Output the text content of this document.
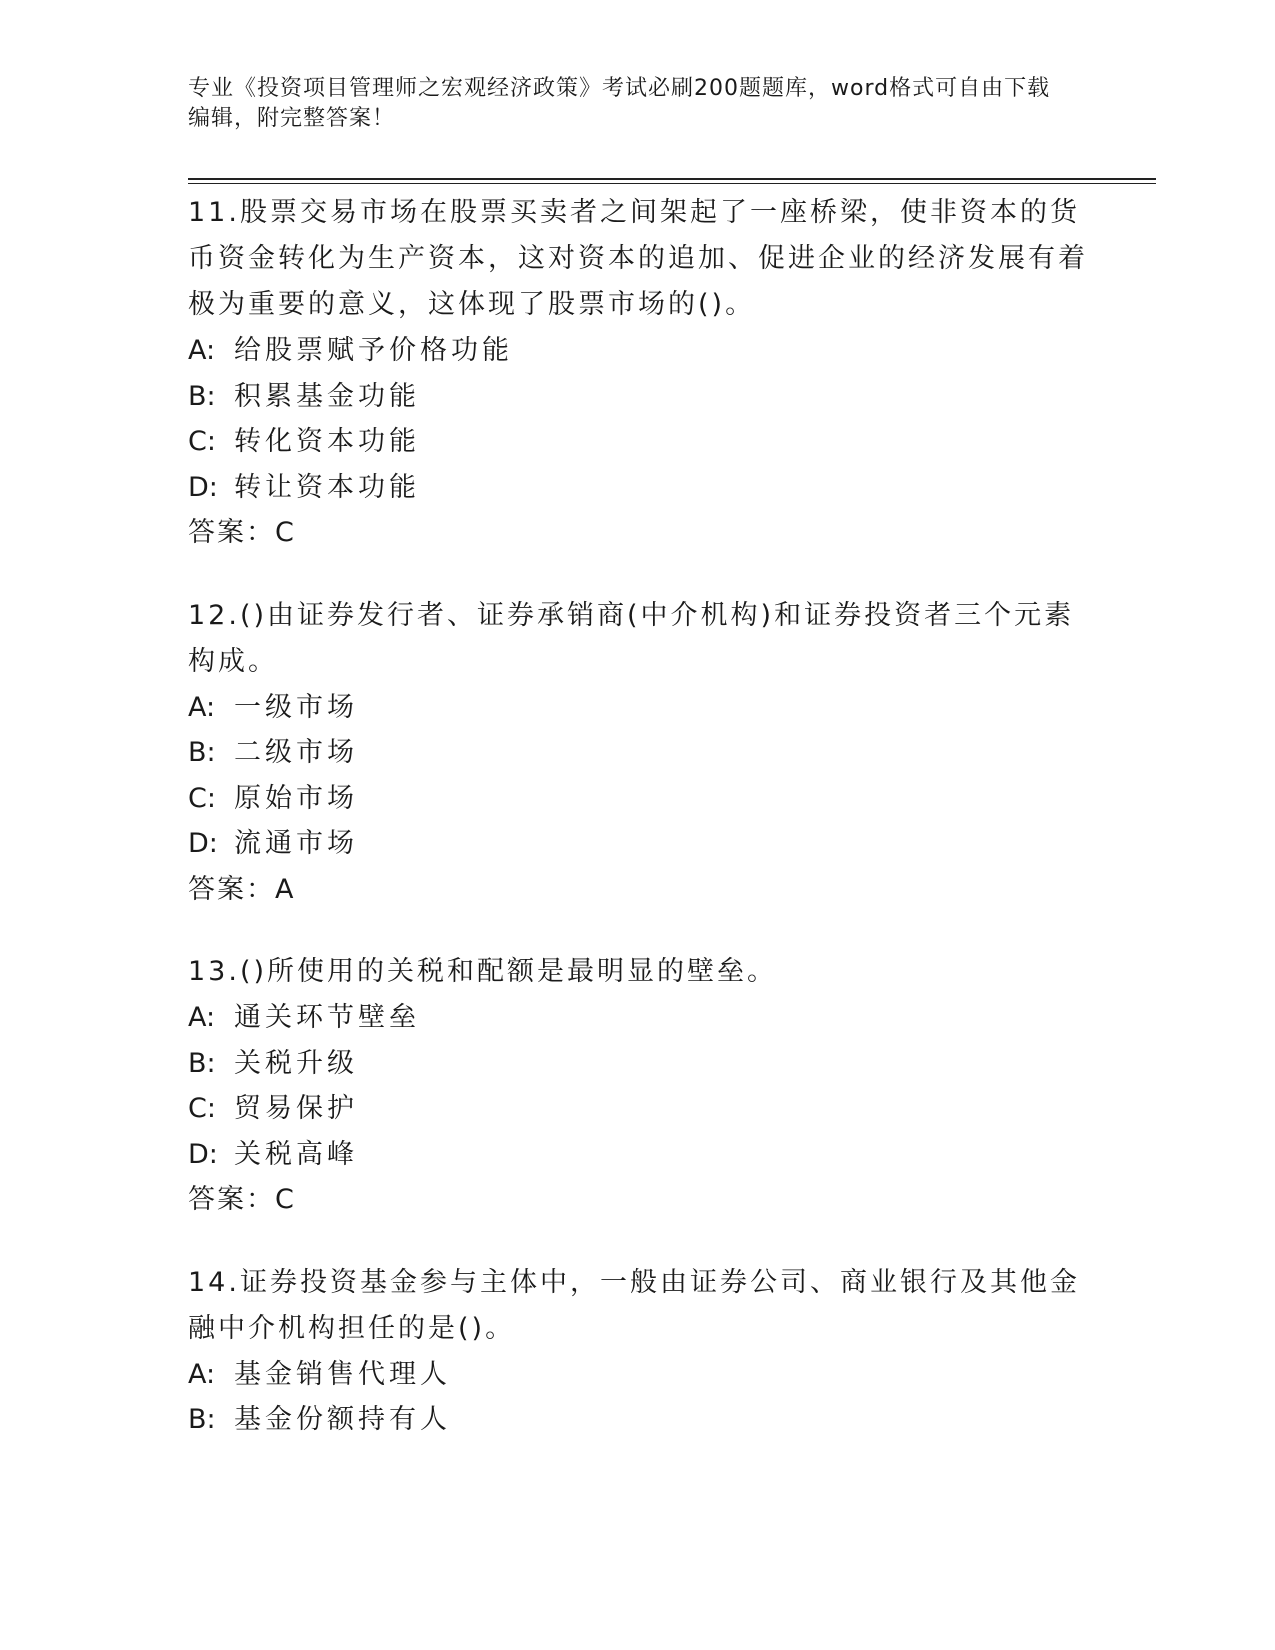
专业《投资项目管理师之宏观经济政策》考试必刷200题题库，word格式可自由下载编辑，附完整答案！

11.股票交易市场在股票买卖者之间架起了一座桥梁，使非资本的货币资金转化为生产资本，这对资本的追加、促进企业的经济发展有着极为重要的意义，这体现了股票市场的()。

A: 给股票赋予价格功能
B: 积累基金功能
C: 转化资本功能
D: 转让资本功能

答案：C

12.()由证券发行者、证券承销商(中介机构)和证券投资者三个元素构成。

A: 一级市场
B: 二级市场
C: 原始市场
D: 流通市场

答案：A

13.()所使用的关税和配额是最明显的壁垒。

A: 通关环节壁垒
B: 关税升级
C: 贸易保护
D: 关税高峰

答案：C

14.证券投资基金参与主体中，一般由证券公司、商业银行及其他金融中介机构担任的是()。

A: 基金销售代理人
B: 基金份额持有人
